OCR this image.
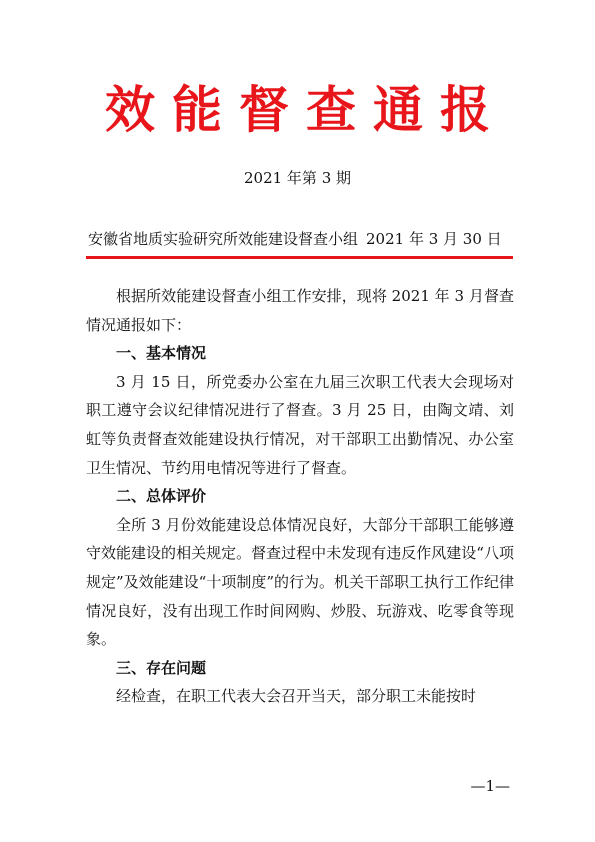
效能督查通报
2021 年第 3 期
安徽省地质实验研究所效能建设督查小组 2021 年 3 月 30 日

根据所效能建设督查小组工作安排，现将 2021 年 3 月督查情况通报如下：

一、基本情况

3 月 15 日，所党委办公室在九届三次职工代表大会现场对职工遵守会议纪律情况进行了督查。3 月 25 日，由陶文靖、刘虹等负责督查效能建设执行情况，对干部职工出勤情况、办公室卫生情况、节约用电情况等进行了督查。

二、总体评价

全所 3 月份效能建设总体情况良好，大部分干部职工能够遵守效能建设的相关规定。督查过程中未发现有违反作风建设“八项规定”及效能建设“十项制度”的行为。机关干部职工执行工作纪律情况良好，没有出现工作时间网购、炒股、玩游戏、吃零食等现象。

三、存在问题

经检查，在职工代表大会召开当天，部分职工未能按时

—1—
